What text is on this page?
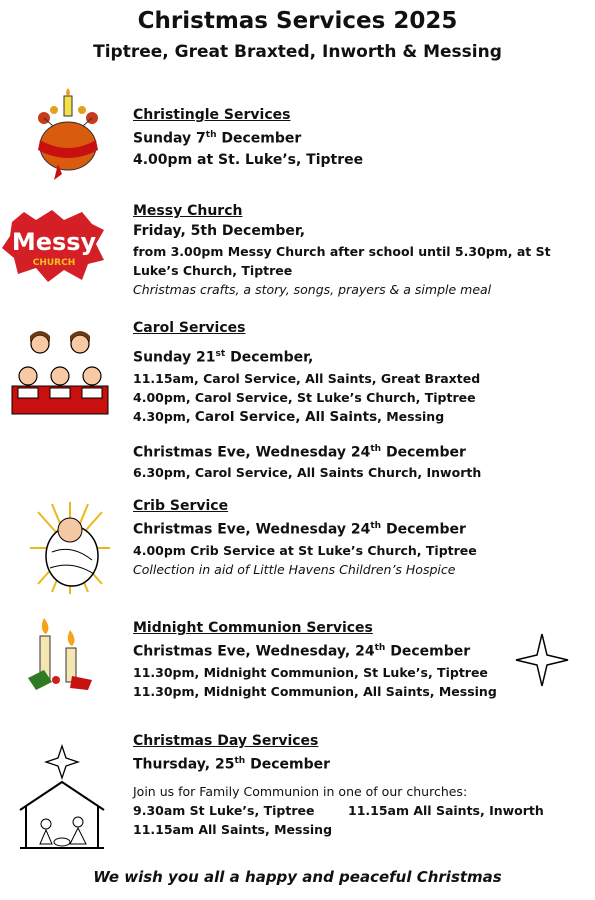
Christmas Services 2025
Tiptree, Great Braxted, Inworth & Messing
Christingle Services
Sunday 7th December
4.00pm at St. Luke’s, Tiptree
Messy
CHURCH
Messy Church
Friday, 5th December,
from 3.00pm Messy Church after school until 5.30pm, at St Luke’s Church, Tiptree
Christmas crafts, a story, songs, prayers & a simple meal
Carol Services
Sunday 21st December,
11.15am, Carol Service, All Saints, Great Braxted
4.00pm, Carol Service, St Luke’s Church, Tiptree
4.30pm, Carol Service, All Saints, Messing
Christmas Eve, Wednesday 24th December
6.30pm, Carol Service, All Saints Church, Inworth
Crib Service
Christmas Eve, Wednesday 24th December
4.00pm Crib Service at St Luke’s Church, Tiptree
Collection in aid of Little Havens Children’s Hospice
Midnight Communion Services
Christmas Eve, Wednesday, 24th December
11.30pm, Midnight Communion, St Luke’s, Tiptree
11.30pm, Midnight Communion, All Saints, Messing
Christmas Day Services
Thursday, 25th December
Join us for Family Communion in one of our churches:
9.30am St Luke’s, Tiptree	11.15am All Saints, Inworth
11.15am All Saints, Messing
We wish you all a happy and peaceful Christmas
